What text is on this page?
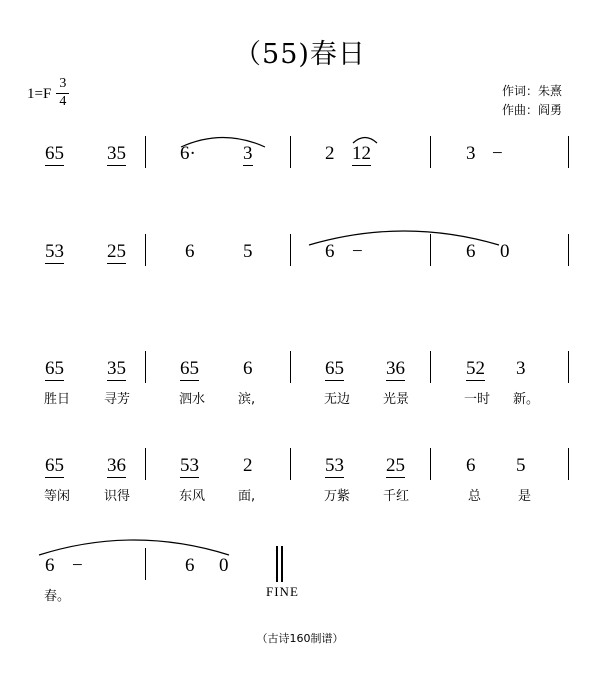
（55)春日
$1=F \frac{3}{4}$	作词：朱熹
作曲：阎勇
65 35	6· 3	2 12	3 −
53 25	6	5	6 −	6 0
65 35	65 6	65 36	52 3
胜日	寻芳	泗水	滨,	无边	光景	一时 新。
65 36	53 2	53 25	6 5
等闲	识得	东风	面,	万紫	千红	总	是
6 −	6 0
FINE
春。
（古诗160制谱）
